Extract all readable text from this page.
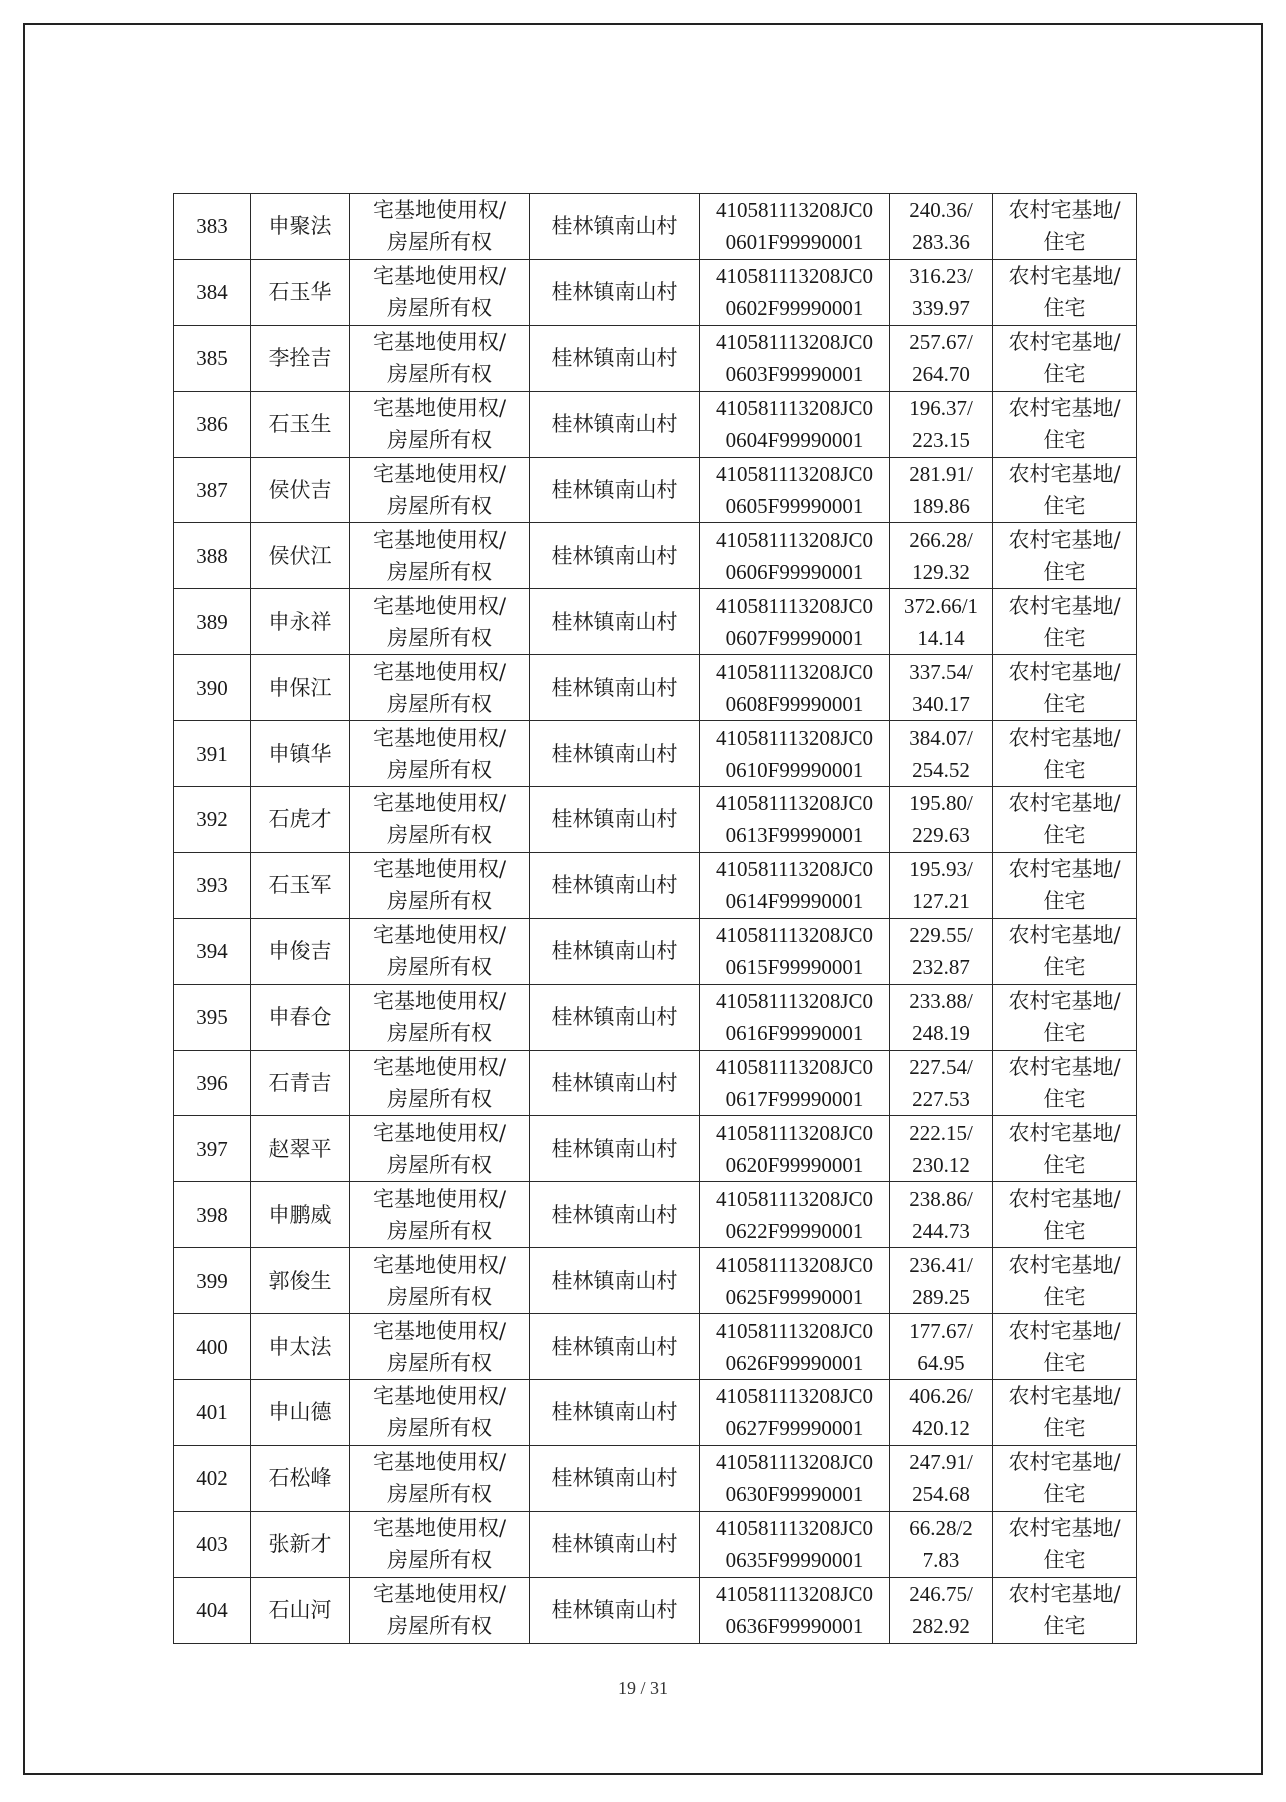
383	申聚法	宅基地使用权/
房屋所有权	桂林镇南山村	410581113208JC0
0601F99990001	240.36/
283.36	农村宅基地/
住宅

384	石玉华	宅基地使用权/
房屋所有权	桂林镇南山村	410581113208JC0
0602F99990001	316.23/
339.97	农村宅基地/
住宅

385	李拴吉	宅基地使用权/
房屋所有权	桂林镇南山村	410581113208JC0
0603F99990001	257.67/
264.70	农村宅基地/
住宅

386	石玉生	宅基地使用权/
房屋所有权	桂林镇南山村	410581113208JC0
0604F99990001	196.37/
223.15	农村宅基地/
住宅

387	侯伏吉	宅基地使用权/
房屋所有权	桂林镇南山村	410581113208JC0
0605F99990001	281.91/
189.86	农村宅基地/
住宅

388	侯伏江	宅基地使用权/
房屋所有权	桂林镇南山村	410581113208JC0
0606F99990001	266.28/
129.32	农村宅基地/
住宅

389	申永祥	宅基地使用权/
房屋所有权	桂林镇南山村	410581113208JC0
0607F99990001	372.66/1
14.14	农村宅基地/
住宅

390	申保江	宅基地使用权/
房屋所有权	桂林镇南山村	410581113208JC0
0608F99990001	337.54/
340.17	农村宅基地/
住宅

391	申镇华	宅基地使用权/
房屋所有权	桂林镇南山村	410581113208JC0
0610F99990001	384.07/
254.52	农村宅基地/
住宅

392	石虎才	宅基地使用权/
房屋所有权	桂林镇南山村	410581113208JC0
0613F99990001	195.80/
229.63	农村宅基地/
住宅

393	石玉军	宅基地使用权/
房屋所有权	桂林镇南山村	410581113208JC0
0614F99990001	195.93/
127.21	农村宅基地/
住宅

394	申俊吉	宅基地使用权/
房屋所有权	桂林镇南山村	410581113208JC0
0615F99990001	229.55/
232.87	农村宅基地/
住宅

395	申春仓	宅基地使用权/
房屋所有权	桂林镇南山村	410581113208JC0
0616F99990001	233.88/
248.19	农村宅基地/
住宅

396	石青吉	宅基地使用权/
房屋所有权	桂林镇南山村	410581113208JC0
0617F99990001	227.54/
227.53	农村宅基地/
住宅

397	赵翠平	宅基地使用权/
房屋所有权	桂林镇南山村	410581113208JC0
0620F99990001	222.15/
230.12	农村宅基地/
住宅

398	申鹏威	宅基地使用权/
房屋所有权	桂林镇南山村	410581113208JC0
0622F99990001	238.86/
244.73	农村宅基地/
住宅

399	郭俊生	宅基地使用权/
房屋所有权	桂林镇南山村	410581113208JC0
0625F99990001	236.41/
289.25	农村宅基地/
住宅

400	申太法	宅基地使用权/
房屋所有权	桂林镇南山村	410581113208JC0
0626F99990001	177.67/
64.95	农村宅基地/
住宅

401	申山德	宅基地使用权/
房屋所有权	桂林镇南山村	410581113208JC0
0627F99990001	406.26/
420.12	农村宅基地/
住宅

402	石松峰	宅基地使用权/
房屋所有权	桂林镇南山村	410581113208JC0
0630F99990001	247.91/
254.68	农村宅基地/
住宅

403	张新才	宅基地使用权/
房屋所有权	桂林镇南山村	410581113208JC0
0635F99990001	66.28/2
7.83	农村宅基地/
住宅

404	石山河	宅基地使用权/
房屋所有权	桂林镇南山村	410581113208JC0
0636F99990001	246.75/
282.92	农村宅基地/
住宅
19 / 31
